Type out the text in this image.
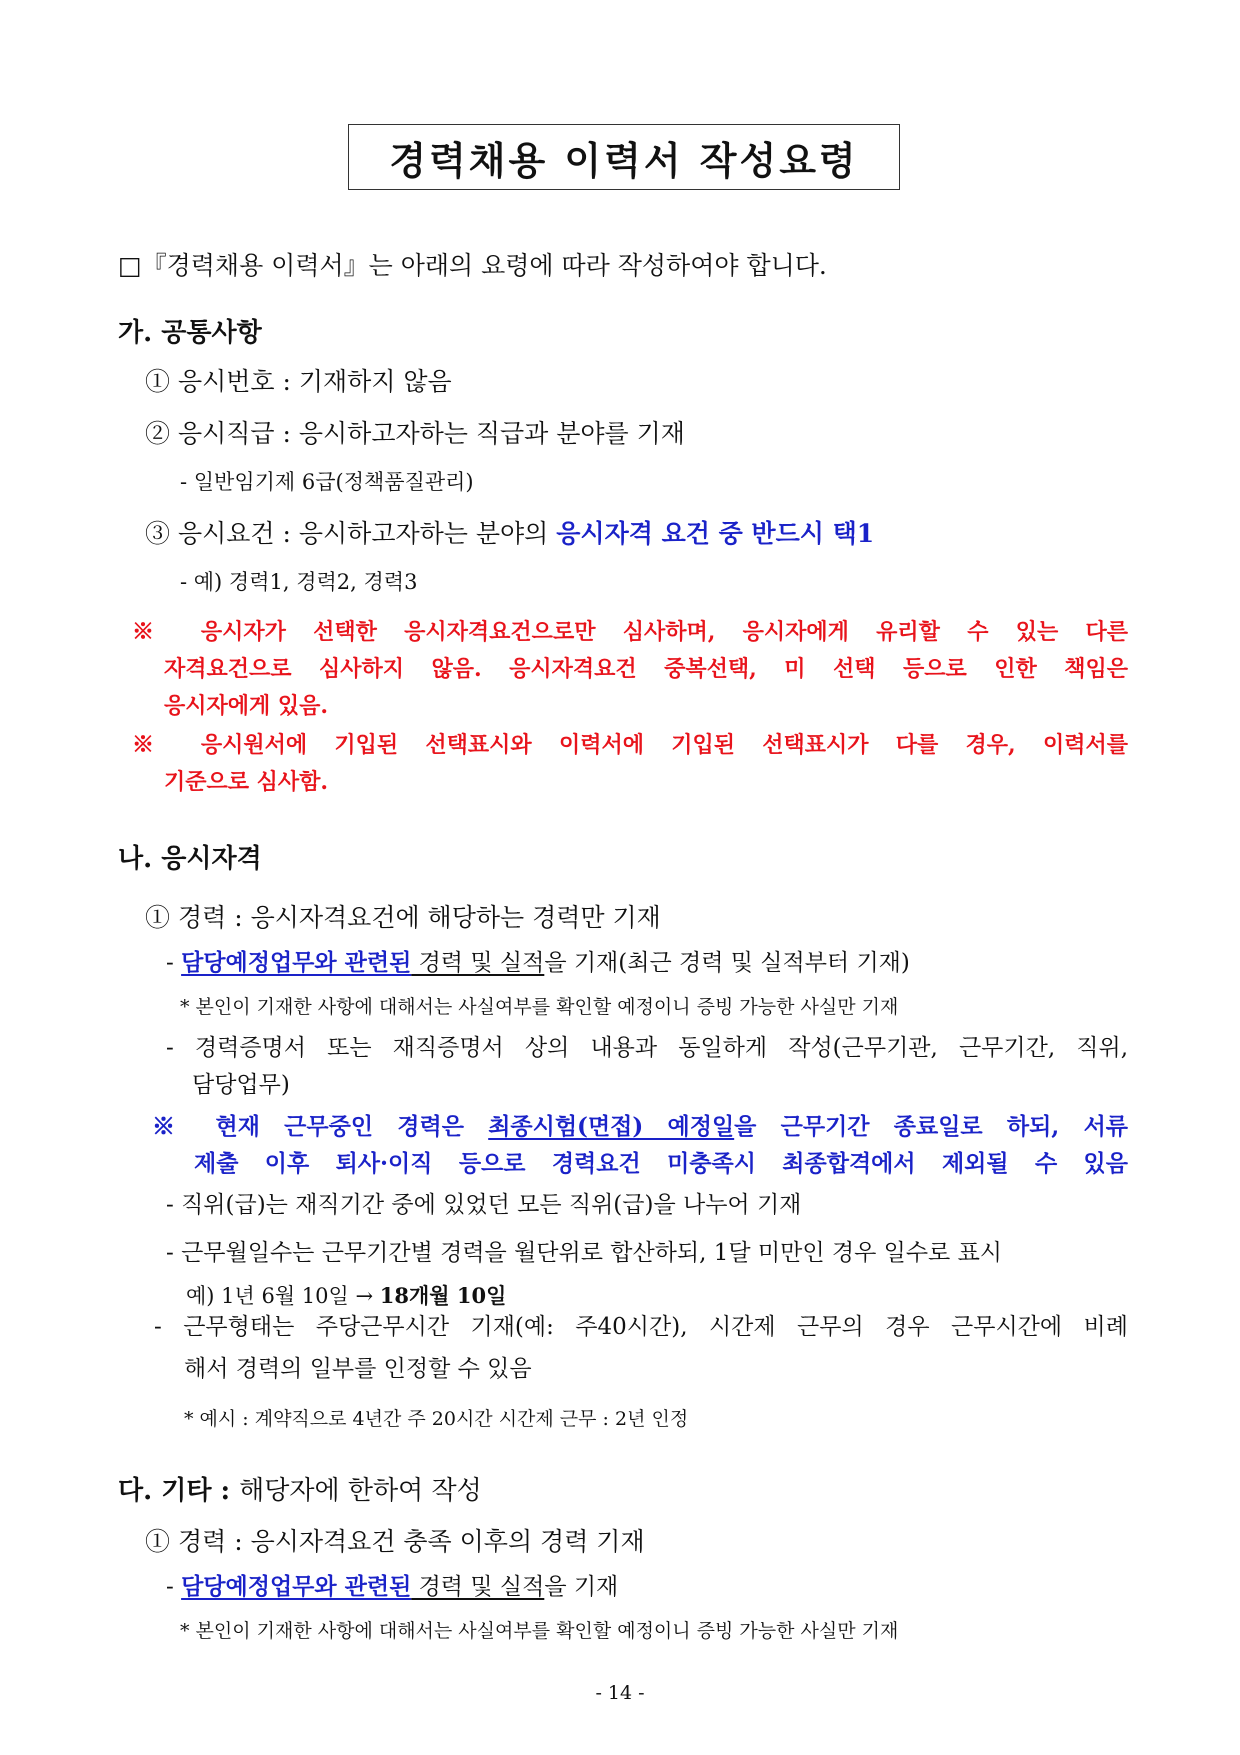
경력채용 이력서 작성요령
□『경력채용 이력서』는 아래의 요령에 따라 작성하여야 합니다.
가. 공통사항
① 응시번호 : 기재하지 않음
② 응시직급 : 응시하고자하는 직급과 분야를 기재
- 일반임기제 6급(정책품질관리)
③ 응시요건 : 응시하고자하는 분야의 응시자격 요건 중 반드시 택1
- 예) 경력1, 경력2, 경력3
※ 응시자가 선택한 응시자격요건으로만 심사하며, 응시자에게 유리할 수 있는 다른
자격요건으로 심사하지 않음. 응시자격요건 중복선택, 미 선택 등으로 인한 책임은
응시자에게 있음.
※ 응시원서에 기입된 선택표시와 이력서에 기입된 선택표시가 다를 경우, 이력서를
기준으로 심사함.
나. 응시자격
① 경력 : 응시자격요건에 해당하는 경력만 기재
- 담당예정업무와 관련된 경력 및 실적을 기재(최근 경력 및 실적부터 기재)
* 본인이 기재한 사항에 대해서는 사실여부를 확인할 예정이니 증빙 가능한 사실만 기재
- 경력증명서 또는 재직증명서 상의 내용과 동일하게 작성(근무기관, 근무기간, 직위,
담당업무)
※ 현재 근무중인 경력은 최종시험(면접) 예정일을 근무기간 종료일로 하되, 서류
제출 이후 퇴사·이직 등으로 경력요건 미충족시 최종합격에서 제외될 수 있음
- 직위(급)는 재직기간 중에 있었던 모든 직위(급)을 나누어 기재
- 근무월일수는 근무기간별 경력을 월단위로 합산하되, 1달 미만인 경우 일수로 표시
예) 1년 6월 10일 → 18개월 10일
- 근무형태는 주당근무시간 기재(예: 주40시간), 시간제 근무의 경우 근무시간에 비례
해서 경력의 일부를 인정할 수 있음
* 예시 : 계약직으로 4년간 주 20시간 시간제 근무 : 2년 인정
다. 기타 : 해당자에 한하여 작성
① 경력 : 응시자격요건 충족 이후의 경력 기재
- 담당예정업무와 관련된 경력 및 실적을 기재
* 본인이 기재한 사항에 대해서는 사실여부를 확인할 예정이니 증빙 가능한 사실만 기재
- 14 -
